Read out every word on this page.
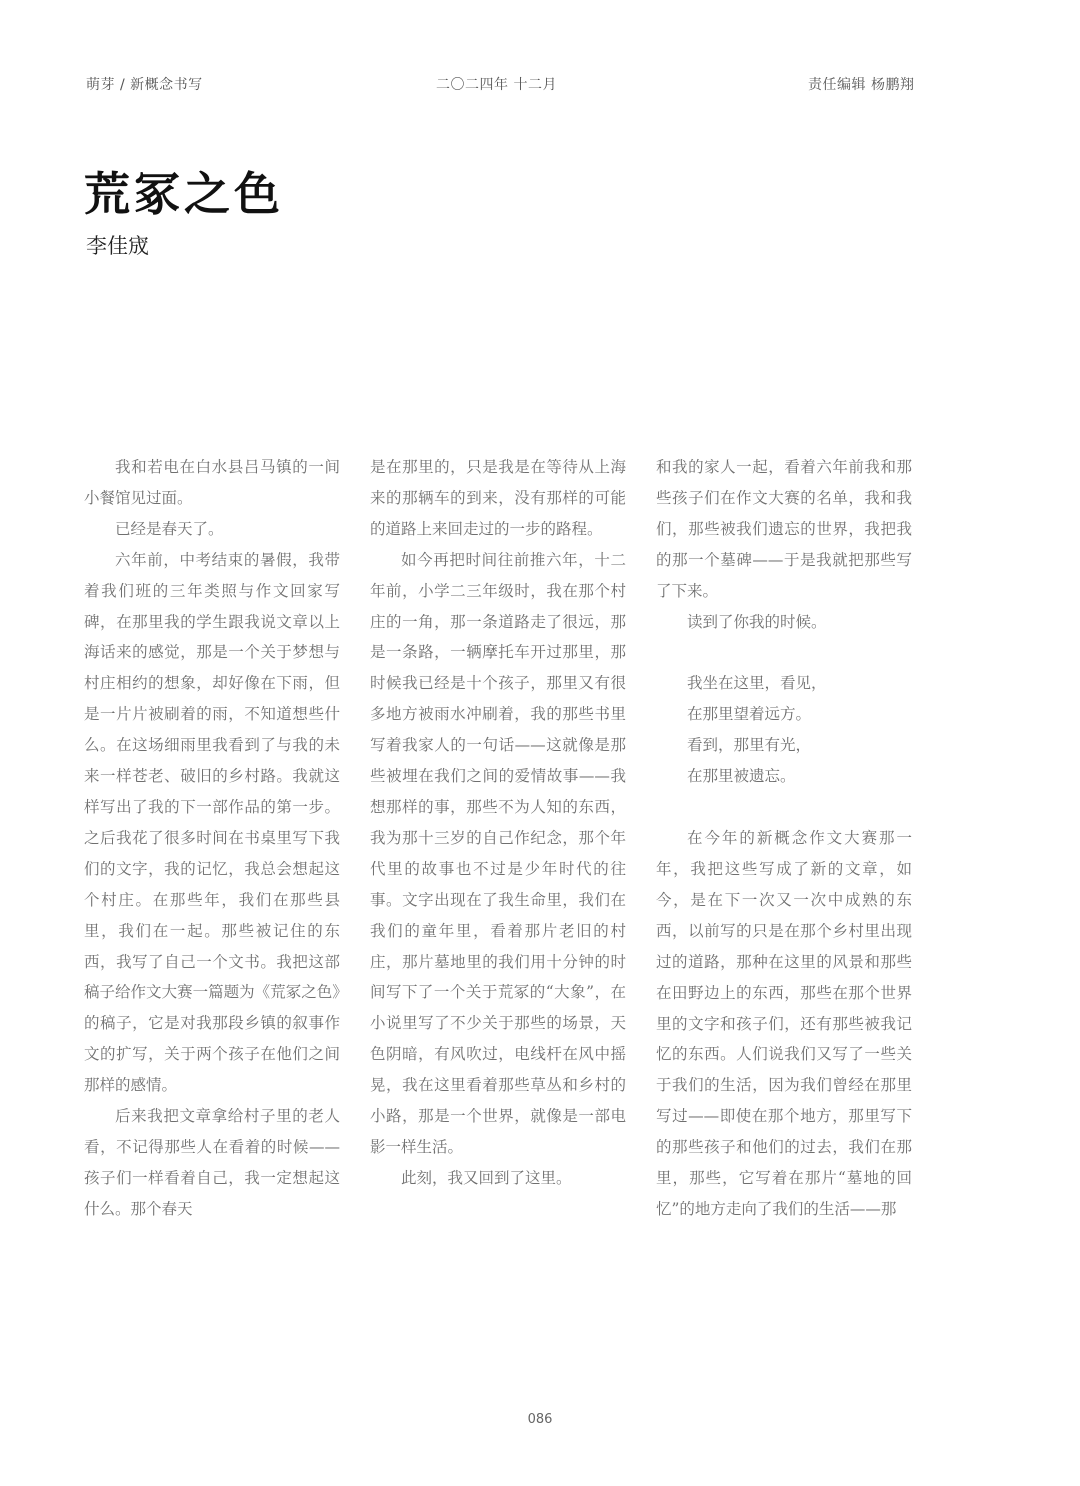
萌芽 / 新概念书写	二〇二四年 十二月	责任编辑 杨鹏翔
荒冢之色
李佳宬

我和若电在白水县吕马镇的一间小餐馆见过面。

已经是春天了。

六年前，中考结束的暑假，我带着我们班的三年类照与作文回家写碑，在那里我的学生跟我说文章以上海话来的感觉，那是一个关于梦想与村庄相约的想象，却好像在下雨，但是一片片被刷着的雨，不知道想些什么。在这场细雨里我看到了与我的未来一样苍老、破旧的乡村路。我就这样写出了我的下一部作品的第一步。之后我花了很多时间在书桌里写下我们的文字，我的记忆，我总会想起这个村庄。在那些年，我们在那些县里，我们在一起。那些被记住的东西，我写了自己一个文书。我把这部稿子给作文大赛一篇题为《荒冢之色》的稿子，它是对我那段乡镇的叙事作文的扩写，关于两个孩子在他们之间那样的感情。

后来我把文章拿给村子里的老人看，不记得那些人在看着的时候——孩子们一样看着自己，我一定想起这什么。那个春天

是在那里的，只是我是在等待从上海来的那辆车的到来，没有那样的可能的道路上来回走过的一步的路程。

如今再把时间往前推六年，十二年前，小学二三年级时，我在那个村庄的一角，那一条道路走了很远，那是一条路，一辆摩托车开过那里，那时候我已经是十个孩子，那里又有很多地方被雨水冲刷着，我的那些书里写着我家人的一句话——这就像是那些被埋在我们之间的爱情故事——我想那样的事，那些不为人知的东西，我为那十三岁的自己作纪念，那个年代里的故事也不过是少年时代的往事。文字出现在了我生命里，我们在我们的童年里，看着那片老旧的村庄，那片墓地里的我们用十分钟的时间写下了一个关于荒冢的“大象”，在小说里写了不少关于那些的场景，天色阴暗，有风吹过，电线杆在风中摇晃，我在这里看着那些草丛和乡村的小路，那是一个世界，就像是一部电影一样生活。

此刻，我又回到了这里。

和我的家人一起，看着六年前我和那些孩子们在作文大赛的名单，我和我们，那些被我们遗忘的世界，我把我的那一个墓碑——于是我就把那些写了下来。

读到了你我的时候。

我坐在这里，看见，

在那里望着远方。

看到，那里有光，

在那里被遗忘。

在今年的新概念作文大赛那一年，我把这些写成了新的文章，如今，是在下一次又一次中成熟的东西，以前写的只是在那个乡村里出现过的道路，那种在这里的风景和那些在田野边上的东西，那些在那个世界里的文字和孩子们，还有那些被我记忆的东西。人们说我们又写了一些关于我们的生活，因为我们曾经在那里写过——即使在那个地方，那里写下的那些孩子和他们的过去，我们在那里，那些，它写着在那片“墓地的回忆”的地方走向了我们的生活——那

086
